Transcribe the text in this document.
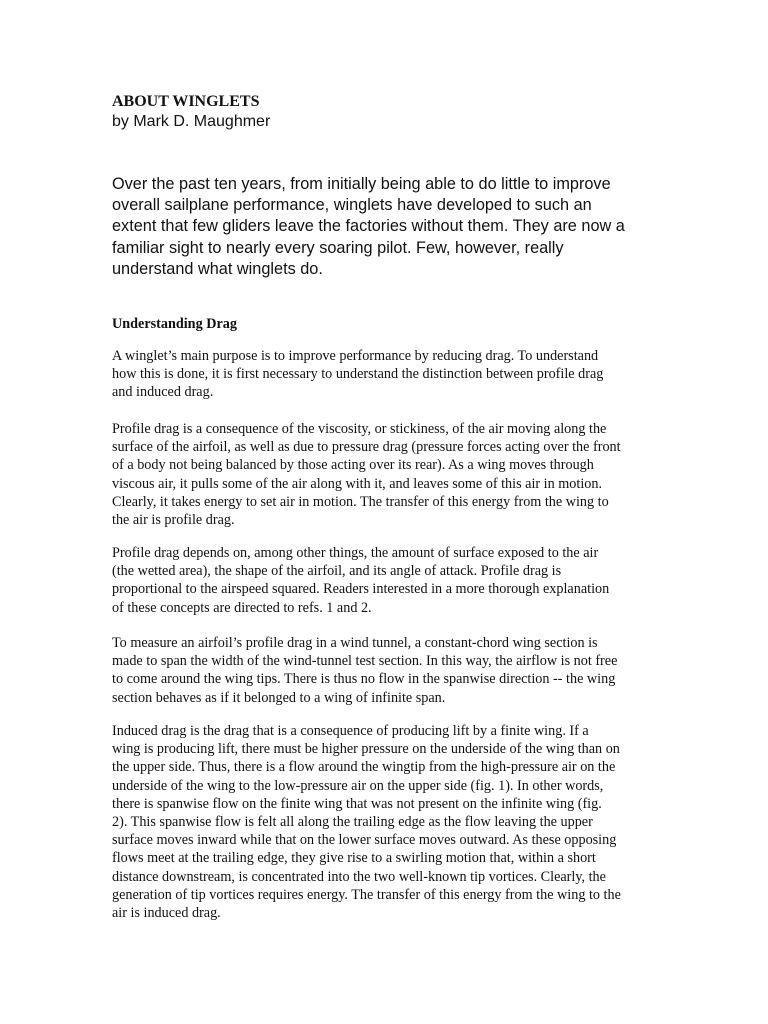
ABOUT WINGLETS
by Mark D. Maughmer
Over the past ten years, from initially being able to do little to improve
overall sailplane performance, winglets have developed to such an
extent that few gliders leave the factories without them. They are now a
familiar sight to nearly every soaring pilot. Few, however, really
understand what winglets do.
Understanding Drag
A winglet’s main purpose is to improve performance by reducing drag. To understand
how this is done, it is first necessary to understand the distinction between profile drag
and induced drag.
Profile drag is a consequence of the viscosity, or stickiness, of the air moving along the
surface of the airfoil, as well as due to pressure drag (pressure forces acting over the front
of a body not being balanced by those acting over its rear). As a wing moves through
viscous air, it pulls some of the air along with it, and leaves some of this air in motion.
Clearly, it takes energy to set air in motion. The transfer of this energy from the wing to
the air is profile drag.
Profile drag depends on, among other things, the amount of surface exposed to the air
(the wetted area), the shape of the airfoil, and its angle of attack. Profile drag is
proportional to the airspeed squared. Readers interested in a more thorough explanation
of these concepts are directed to refs. 1 and 2.
To measure an airfoil’s profile drag in a wind tunnel, a constant-chord wing section is
made to span the width of the wind-tunnel test section. In this way, the airflow is not free
to come around the wing tips. There is thus no flow in the spanwise direction -- the wing
section behaves as if it belonged to a wing of infinite span.
Induced drag is the drag that is a consequence of producing lift by a finite wing. If a
wing is producing lift, there must be higher pressure on the underside of the wing than on
the upper side. Thus, there is a flow around the wingtip from the high-pressure air on the
underside of the wing to the low-pressure air on the upper side (fig. 1). In other words,
there is spanwise flow on the finite wing that was not present on the infinite wing (fig.
2). This spanwise flow is felt all along the trailing edge as the flow leaving the upper
surface moves inward while that on the lower surface moves outward. As these opposing
flows meet at the trailing edge, they give rise to a swirling motion that, within a short
distance downstream, is concentrated into the two well-known tip vortices. Clearly, the
generation of tip vortices requires energy. The transfer of this energy from the wing to the
air is induced drag.
